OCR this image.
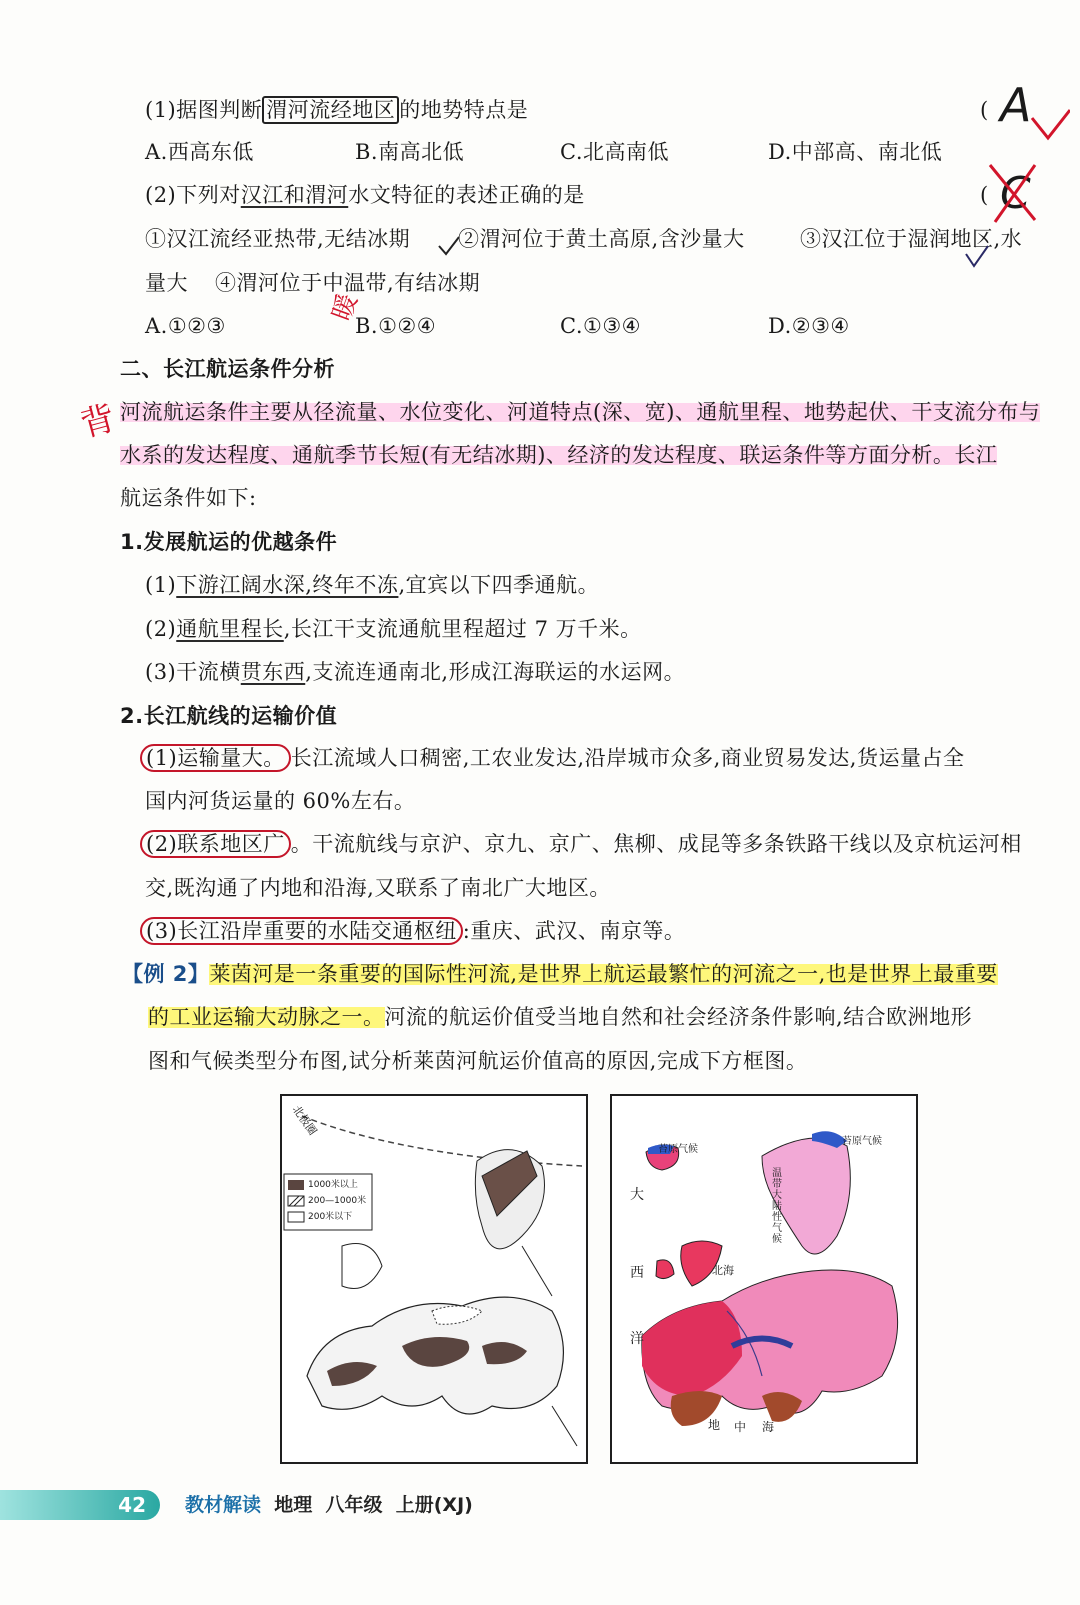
(1)据图判断 渭河流经地区 的地势特点是	( A
A.西高东低	B.南高北低	C.北高南低	D.中部高、南北低
(2)下列对汉江和渭河水文特征的表述正确的是	( C
①汉江流经亚热带,无结冰期 ②渭河位于黄土高原,含沙量大	③汉江位于湿润地区,水
量大 ④渭河位于中温带,有结冰期
暖
A.①②③	B.①②④	C.①③④	D.②③④
二、长江航运条件分析
背 河流航运条件主要从径流量、水位变化、河道特点(深、宽)、通航里程、地势起伏、干支流分布与
水系的发达程度、通航季节长短(有无结冰期)、经济的发达程度、联运条件等方面分析。长江
航运条件如下:
1.发展航运的优越条件
(1)下游江阔水深,终年不冻,宜宾以下四季通航。
(2)通航里程长,长江干支流通航里程超过 7 万千米。
(3)干流横贯东西,支流连通南北,形成江海联运的水运网。
2.长江航线的运输价值
(1)运输量大。 长江流域人口稠密,工农业发达,沿岸城市众多,商业贸易发达,货运量占全
国内河货运量的 60%左右。
(2)联系地区广 。干流航线与京沪、京九、京广、焦柳、成昆等多条铁路干线以及京杭运河相
交,既沟通了内地和沿海,又联系了南北广大地区。
(3)长江沿岸重要的水陆交通枢纽 :重庆、武汉、南京等。
【例 2】莱茵河是一条重要的国际性河流,是世界上航运最繁忙的河流之一,也是世界上最重要
的工业运输大动脉之一。河流的航运价值受当地自然和社会经济条件影响,结合欧洲地形
图和气候类型分布图,试分析莱茵河航运价值高的原因,完成下方框图。
北极圈
1000米以上
200—1000米
200米以下
苔原气候
苔原气候
大
西
洋
北海
温带大陆性气候
地 中 海
42	教材解读 地理 八年级 上册(XJ)
